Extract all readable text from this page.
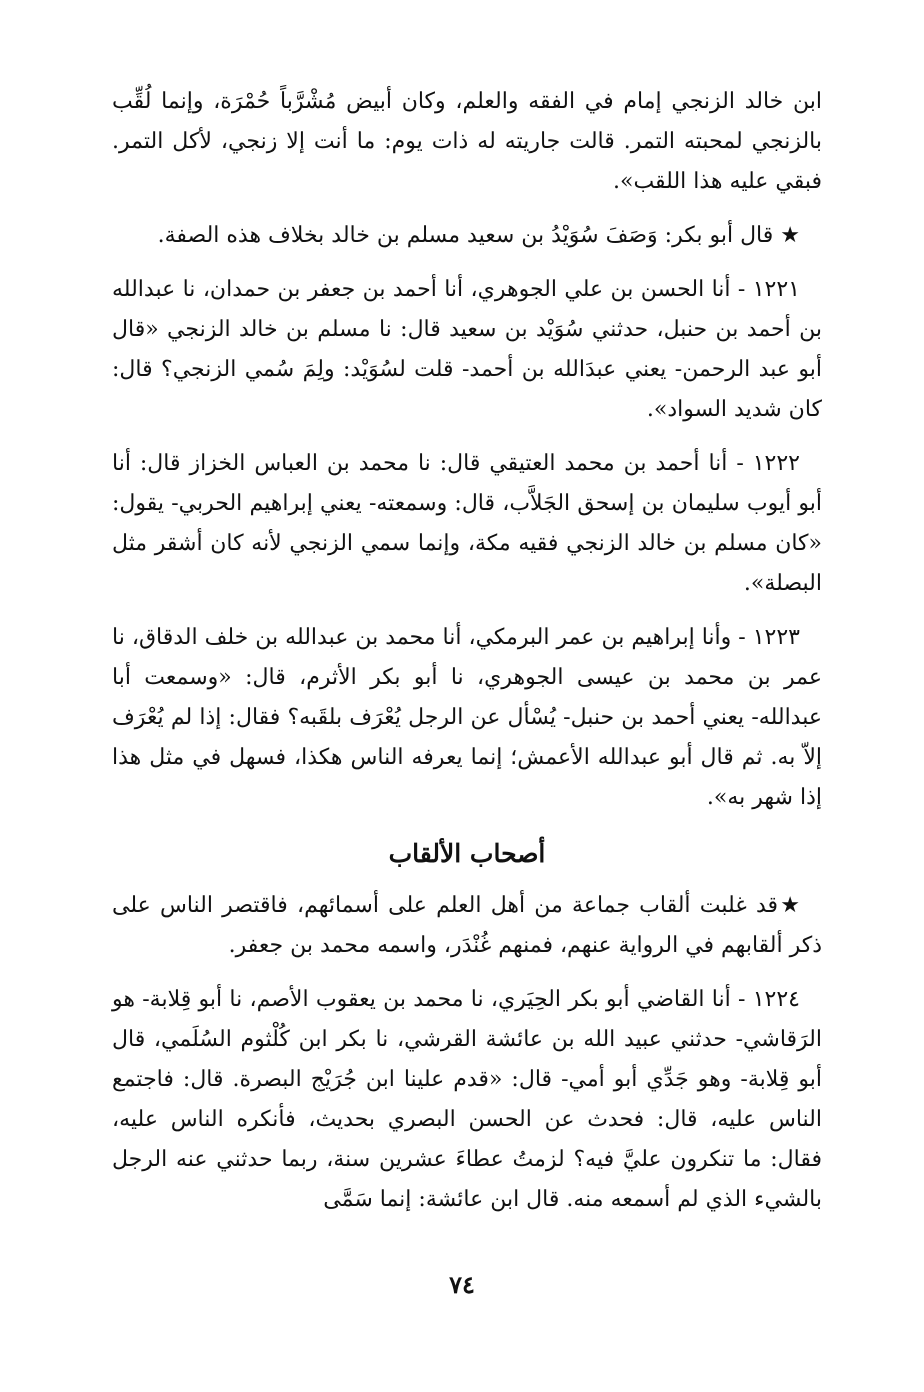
ابن خالد الزنجي إمام في الفقه والعلم، وكان أبيض مُشْرَّباً حُمْرَة، وإنما لُقِّب بالزنجي لمحبته التمر. قالت جاريته له ذات يوم: ما أنت إلا زنجي، لأكل التمر. فبقي عليه هذا اللقب».
★ قال أبو بكر: وَصَفَ سُوَيْدُ بن سعيد مسلم بن خالد بخلاف هذه الصفة.
١٢٢١ - أنا الحسن بن علي الجوهري، أنا أحمد بن جعفر بن حمدان، نا عبدالله بن أحمد بن حنبل، حدثني سُوَيْد بن سعيد قال: نا مسلم بن خالد الزنجي «قال أبو عبد الرحمن- يعني عبدَالله بن أحمد- قلت لسُوَيْد: ولِمَ سُمي الزنجي؟ قال: كان شديد السواد».
١٢٢٢ - أنا أحمد بن محمد العتيقي قال: نا محمد بن العباس الخزاز قال: أنا أبو أيوب سليمان بن إسحق الجَلاَّب، قال: وسمعته- يعني إبراهيم الحربي- يقول: «كان مسلم بن خالد الزنجي فقيه مكة، وإنما سمي الزنجي لأنه كان أشقر مثل البصلة».
١٢٢٣ - وأنا إبراهيم بن عمر البرمكي، أنا محمد بن عبدالله بن خلف الدقاق، نا عمر بن محمد بن عيسى الجوهري، نا أبو بكر الأثرم، قال: «وسمعت أبا عبدالله- يعني أحمد بن حنبل- يُسْأل عن الرجل يُعْرَف بلقَبه؟ فقال: إذا لم يُعْرَف إلاّ به. ثم قال أبو عبدالله الأعمش؛ إنما يعرفه الناس هكذا، فسهل في مثل هذا إذا شهر به».
أصحاب الألقاب
★قد غلبت ألقاب جماعة من أهل العلم على أسمائهم، فاقتصر الناس على ذكر ألقابهم في الرواية عنهم، فمنهم غُنْدَر، واسمه محمد بن جعفر.
١٢٢٤ - أنا القاضي أبو بكر الحِيَري، نا محمد بن يعقوب الأصم، نا أبو قِلابة- هو الرَقاشي- حدثني عبيد الله بن عائشة القرشي، نا بكر ابن كُلْثوم السُلَمي، قال أبو قِلابة- وهو جَدِّي أبو أمي- قال: «قدم علينا ابن جُرَيْج البصرة. قال: فاجتمع الناس عليه، قال: فحدث عن الحسن البصري بحديث، فأنكره الناس عليه، فقال: ما تنكرون عليَّ فيه؟ لزمتُ عطاءَ عشرين سنة، ربما حدثني عنه الرجل بالشيء الذي لم أسمعه منه. قال ابن عائشة: إنما سَمَّى
٧٤
